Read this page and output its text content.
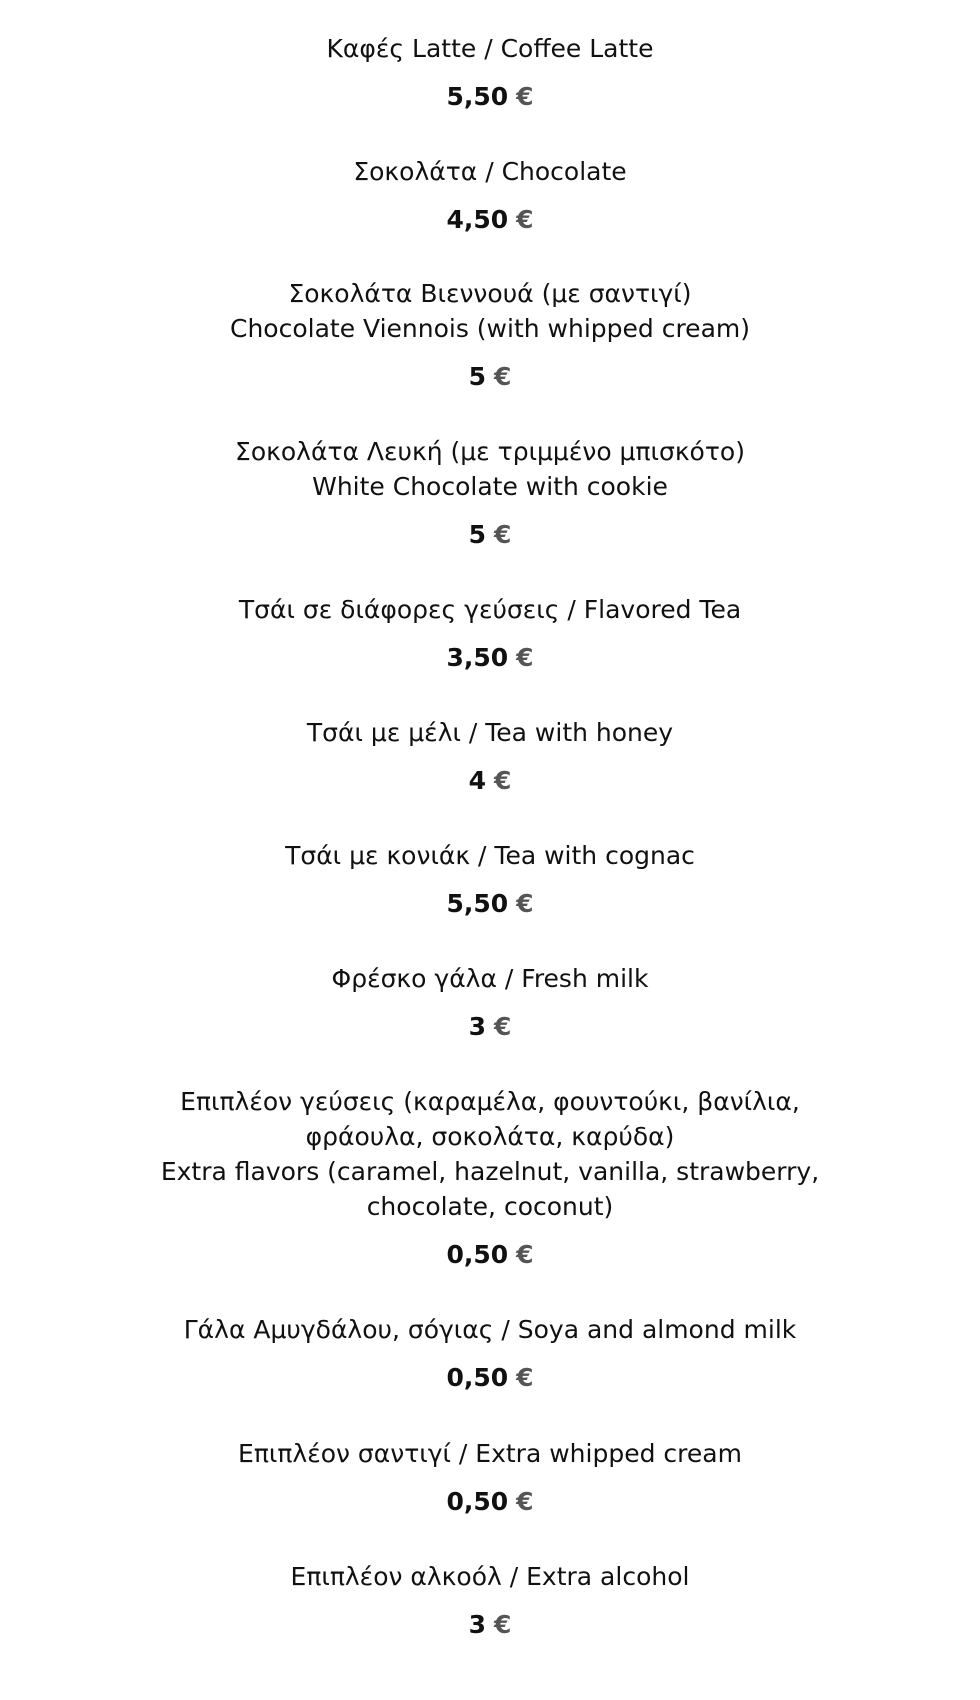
Καφές Latte / Coffee Latte
5,50 €
Σοκολάτα / Chocolate
4,50 €
Σοκολάτα Βιεννουά (με σαντιγί)
Chocolate Viennois (with whipped cream)
5 €
Σοκολάτα Λευκή (με τριμμένο μπισκότο)
White Chocolate with cookie
5 €
Τσάι σε διάφορες γεύσεις / Flavored Tea
3,50 €
Τσάι με μέλι / Tea with honey
4 €
Τσάι με κονιάκ / Tea with cognac
5,50 €
Φρέσκο γάλα / Fresh milk
3 €
Επιπλέον γεύσεις (καραμέλα, φουντούκι, βανίλια,
φράουλα, σοκολάτα, καρύδα)
Extra flavors (caramel, hazelnut, vanilla, strawberry,
chocolate, coconut)
0,50 €
Γάλα Αμυγδάλου, σόγιας / Soya and almond milk
0,50 €
Επιπλέον σαντιγί / Extra whipped cream
0,50 €
Επιπλέον αλκοόλ / Extra alcohol
3 €
